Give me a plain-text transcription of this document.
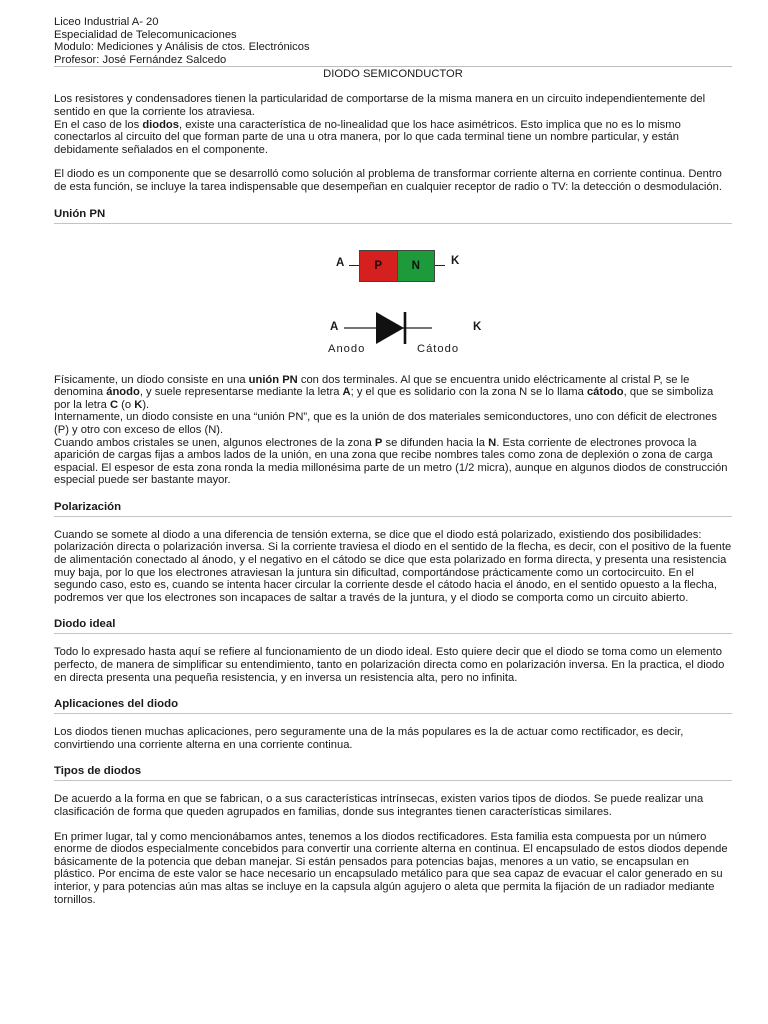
Liceo Industrial A- 20

Especialidad de Telecomunicaciones

Modulo: Mediciones y Análisis de ctos. Electrónicos

Profesor: José Fernández Salcedo

DIODO SEMICONDUCTOR

Los resistores y condensadores tienen la particularidad de comportarse de la misma manera en un circuito independientemente del sentido en que la corriente los atraviesa.

En el caso de los diodos, existe una característica de no-linealidad que los hace asimétricos. Esto implica que no es lo mismo conectarlos al circuito del que forman parte de una u otra manera, por lo que cada terminal tiene un nombre particular, y están debidamente señalados en el componente.

El diodo es un componente que se desarrolló como solución al problema de transformar corriente alterna en corriente continua. Dentro de esta función, se incluye la tarea indispensable que desempeñan en cualquier receptor de radio o TV: la detección o desmodulación.

Unión PN
A	P	N	K
A	K
Anodo	Cátodo

Físicamente, un diodo consiste en una unión PN con dos terminales. Al que se encuentra unido eléctricamente al cristal P, se le denomina ánodo, y suele representarse mediante la letra A; y el que es solidario con la zona N se lo llama cátodo, que se simboliza por la letra C (o K).

Internamente, un diodo consiste en una “unión PN”, que es la unión de dos materiales semiconductores, uno con déficit de electrones (P) y otro con exceso de ellos (N).

Cuando ambos cristales se unen, algunos electrones de la zona P se difunden hacia la N. Esta corriente de electrones provoca la aparición de cargas fijas a ambos lados de la unión, en una zona que recibe nombres tales como zona de deplexión o zona de carga espacial. El espesor de esta zona ronda la media millonésima parte de un metro (1/2 micra), aunque en algunos diodos de construcción especial puede ser bastante mayor.

Polarización

Cuando se somete al diodo a una diferencia de tensión externa, se dice que el diodo está polarizado, existiendo dos posibilidades: polarización directa o polarización inversa. Si la corriente traviesa el diodo en el sentido de la flecha, es decir, con el positivo de la fuente de alimentación conectado al ánodo, y el negativo en el cátodo se dice que esta polarizado en forma directa, y presenta una resistencia muy baja, por lo que los electrones atraviesan la juntura sin dificultad, comportándose prácticamente como un cortocircuito. En el segundo caso, esto es, cuando se intenta hacer circular la corriente desde el cátodo hacia el ánodo, en el sentido opuesto a la flecha, podremos ver que los electrones son incapaces de saltar a través de la juntura, y el diodo se comporta como un circuito abierto.

Diodo ideal

Todo lo expresado hasta aquí se refiere al funcionamiento de un diodo ideal. Esto quiere decir que el diodo se toma como un elemento perfecto, de manera de simplificar su entendimiento, tanto en polarización directa como en polarización inversa. En la practica, el diodo en directa presenta una pequeña resistencia, y en inversa un resistencia alta, pero no infinita.

Aplicaciones del diodo

Los diodos tienen muchas aplicaciones, pero seguramente una de la más populares es la de actuar como rectificador, es decir, convirtiendo una corriente alterna en una corriente continua.

Tipos de diodos

De acuerdo a la forma en que se fabrican, o a sus características intrínsecas, existen varios tipos de diodos. Se puede realizar una clasificación de forma que queden agrupados en familias, donde sus integrantes tienen características similares.

En primer lugar, tal y como mencionábamos antes, tenemos a los diodos rectificadores. Esta familia esta compuesta por un número enorme de diodos especialmente concebidos para convertir una corriente alterna en continua. El encapsulado de estos diodos depende básicamente de la potencia que deban manejar. Si están pensados para potencias bajas, menores a un vatio, se encapsulan en plástico. Por encima de este valor se hace necesario un encapsulado metálico para que sea capaz de evacuar el calor generado en su interior, y para potencias aún mas altas se incluye en la capsula algún agujero o aleta que permita la fijación de un radiador mediante tornillos.
